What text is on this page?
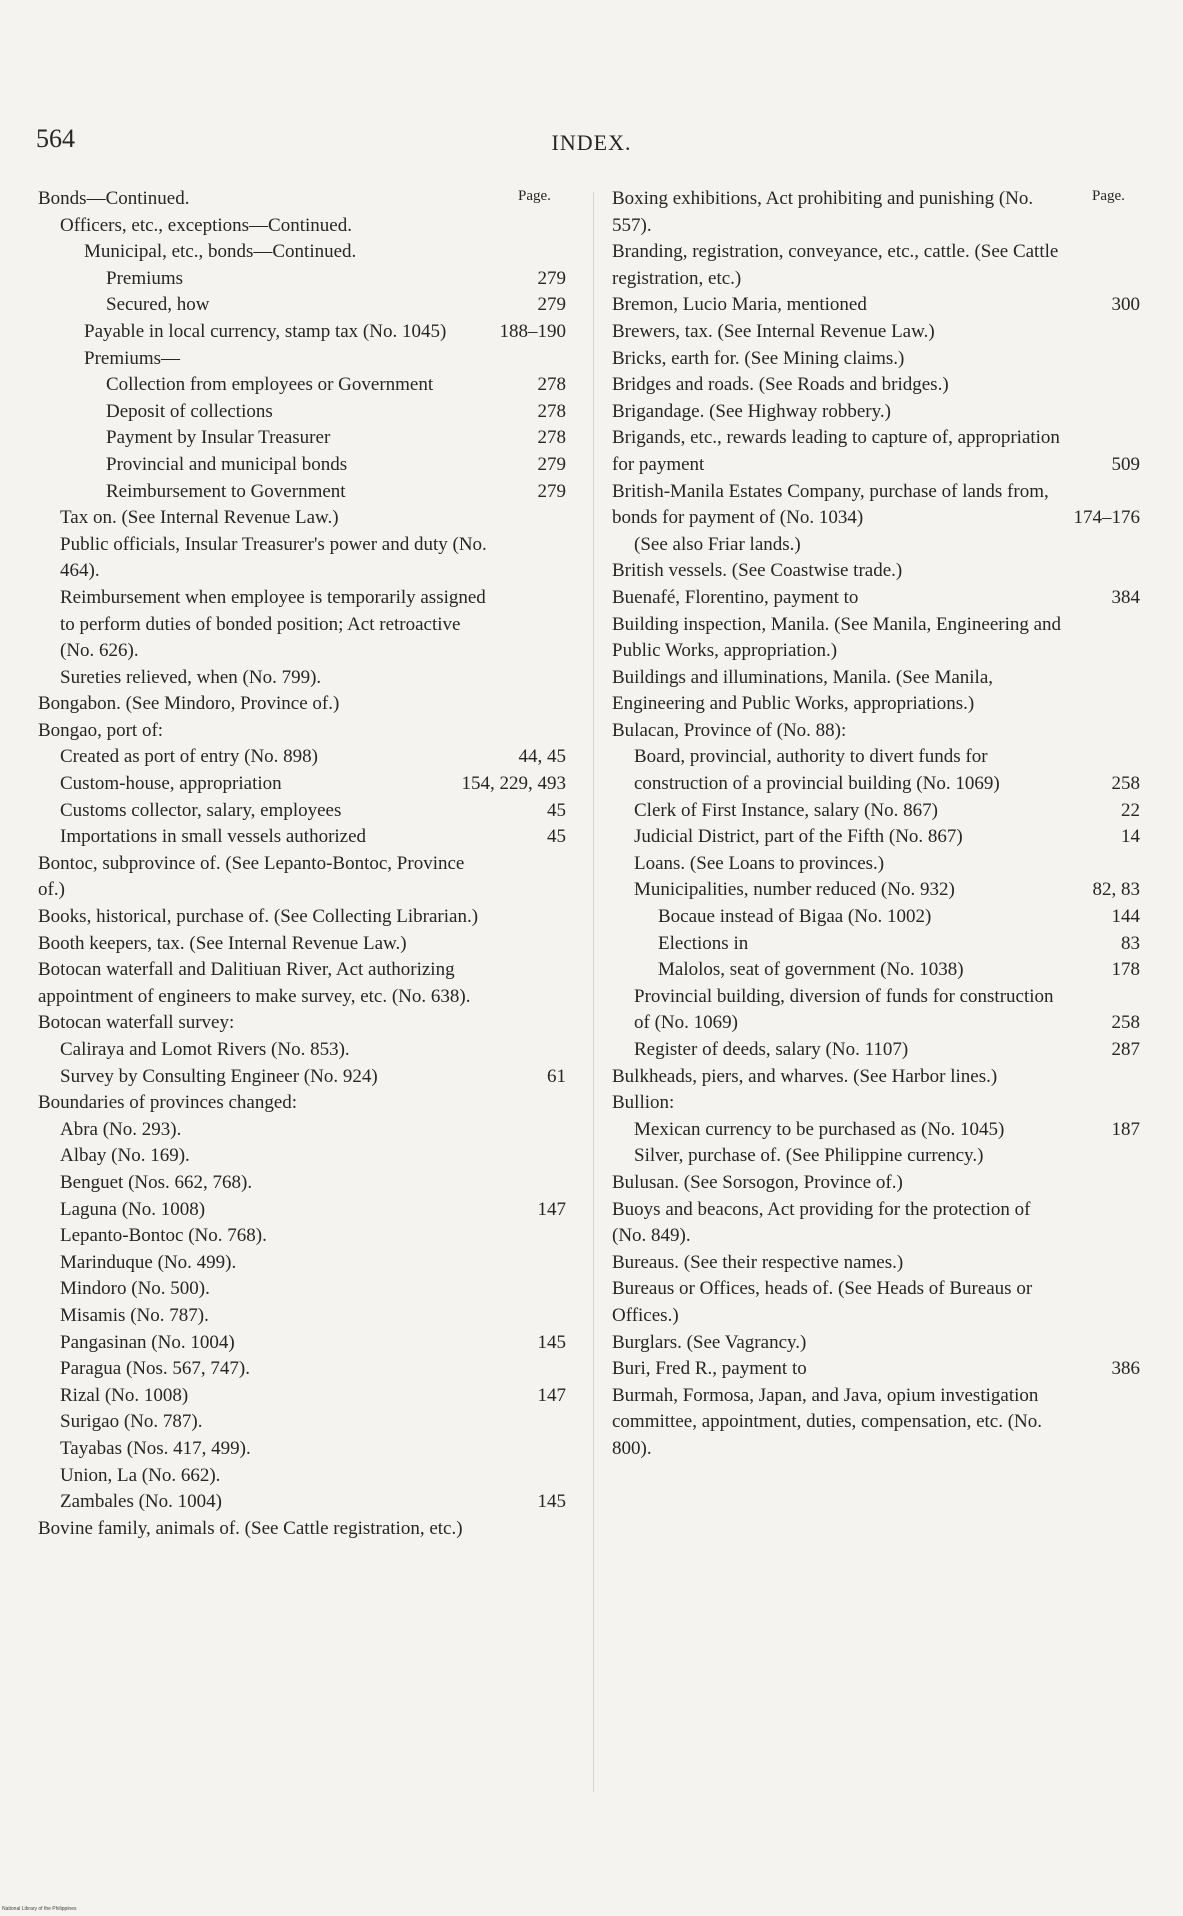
564	INDEX.
Page.	Page.
Bonds—Continued.
Officers, etc., exceptions—Continued.
Municipal, etc., bonds—Continued.
Premiums	279
Secured, how	279
Payable in local currency, stamp tax (No. 1045)	188–190
Premiums—
Collection from employees or Government	278
Deposit of collections	278
Payment by Insular Treasurer	278
Provincial and municipal bonds	279
Reimbursement to Government	279
Tax on. (See Internal Revenue Law.)
Public officials, Insular Treasurer's power and duty (No. 464).
Reimbursement when employee is temporarily assigned to perform duties of bonded position; Act retroactive (No. 626).
Sureties relieved, when (No. 799).
Bongabon. (See Mindoro, Province of.)
Bongao, port of:
Created as port of entry (No. 898)	44, 45
Custom-house, appropriation	154, 229, 493
Customs collector, salary, employees	45
Importations in small vessels authorized	45
Bontoc, subprovince of. (See Lepanto-Bontoc, Province of.)
Books, historical, purchase of. (See Collecting Librarian.)
Booth keepers, tax. (See Internal Revenue Law.)
Botocan waterfall and Dalitiuan River, Act authorizing appointment of engineers to make survey, etc. (No. 638).
Botocan waterfall survey:
Caliraya and Lomot Rivers (No. 853).
Survey by Consulting Engineer (No. 924)	61
Boundaries of provinces changed:
Abra (No. 293).
Albay (No. 169).
Benguet (Nos. 662, 768).
Laguna (No. 1008)	147
Lepanto-Bontoc (No. 768).
Marinduque (No. 499).
Mindoro (No. 500).
Misamis (No. 787).
Pangasinan (No. 1004)	145
Paragua (Nos. 567, 747).
Rizal (No. 1008)	147
Surigao (No. 787).
Tayabas (Nos. 417, 499).
Union, La (No. 662).
Zambales (No. 1004)	145
Bovine family, animals of. (See Cattle registration, etc.)
Boxing exhibitions, Act prohibiting and punishing (No. 557).
Branding, registration, conveyance, etc., cattle. (See Cattle registration, etc.)
Bremon, Lucio Maria, mentioned	300
Brewers, tax. (See Internal Revenue Law.)
Bricks, earth for. (See Mining claims.)
Bridges and roads. (See Roads and bridges.)
Brigandage. (See Highway robbery.)
Brigands, etc., rewards leading to capture of, appropriation for payment	509
British-Manila Estates Company, purchase of lands from, bonds for payment of (No. 1034)	174–176
(See also Friar lands.)
British vessels. (See Coastwise trade.)
Buenafé, Florentino, payment to	384
Building inspection, Manila. (See Manila, Engineering and Public Works, appropriation.)
Buildings and illuminations, Manila. (See Manila, Engineering and Public Works, appropriations.)
Bulacan, Province of (No. 88):
Board, provincial, authority to divert funds for construction of a provincial building (No. 1069)	258
Clerk of First Instance, salary (No. 867)	22
Judicial District, part of the Fifth (No. 867)	14
Loans. (See Loans to provinces.)
Municipalities, number reduced (No. 932)	82, 83
Bocaue instead of Bigaa (No. 1002)	144
Elections in	83
Malolos, seat of government (No. 1038)	178
Provincial building, diversion of funds for construction of (No. 1069)	258
Register of deeds, salary (No. 1107)	287
Bulkheads, piers, and wharves. (See Harbor lines.)
Bullion:
Mexican currency to be purchased as (No. 1045)	187
Silver, purchase of. (See Philippine currency.)
Bulusan. (See Sorsogon, Province of.)
Buoys and beacons, Act providing for the protection of (No. 849).
Bureaus. (See their respective names.)
Bureaus or Offices, heads of. (See Heads of Bureaus or Offices.)
Burglars. (See Vagrancy.)
Buri, Fred R., payment to	386
Burmah, Formosa, Japan, and Java, opium investigation committee, appointment, duties, compensation, etc. (No. 800).
National Library of the Philippines
